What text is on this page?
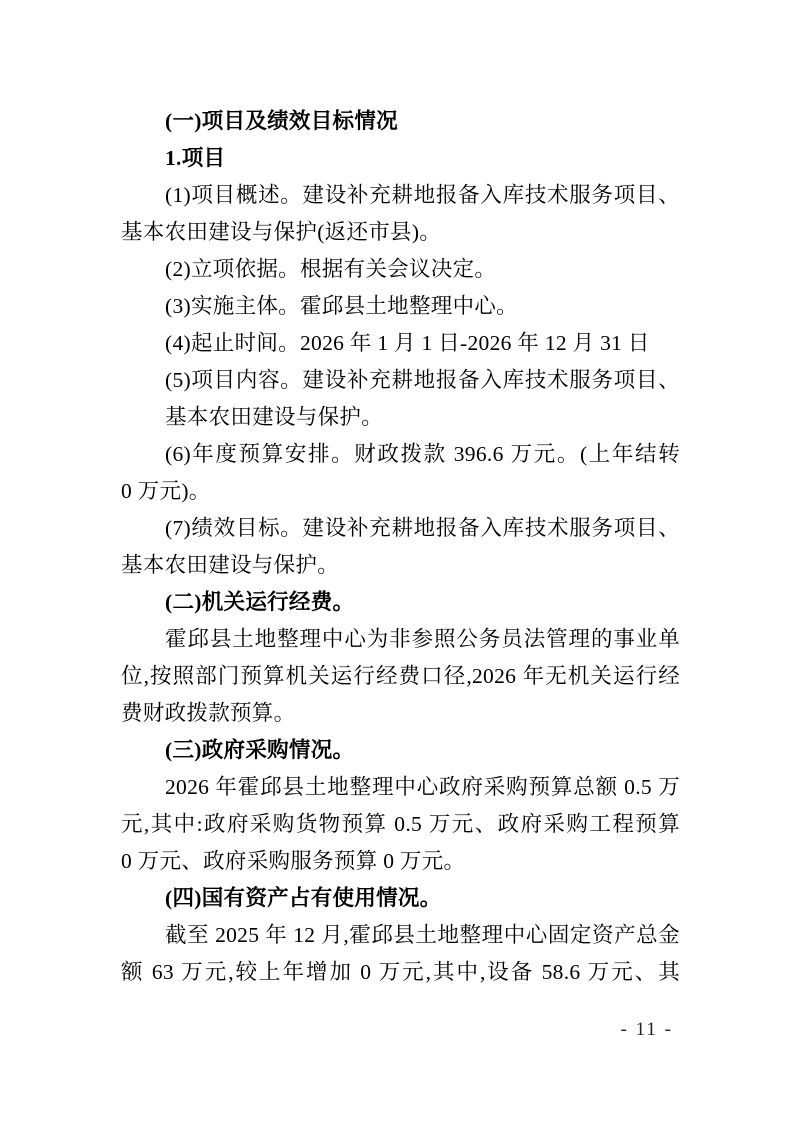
(一)项目及绩效目标情况
1.项目
(1)项目概述。建设补充耕地报备入库技术服务项目、
基本农田建设与保护(返还市县)。
(2)立项依据。根据有关会议决定。
(3)实施主体。霍邱县土地整理中心。
(4)起止时间。2026 年 1 月 1 日-2026 年 12 月 31 日
(5)项目内容。建设补充耕地报备入库技术服务项目、
基本农田建设与保护。
(6)年度预算安排。财政拨款 396.6 万元。(上年结转
0 万元)。
(7)绩效目标。建设补充耕地报备入库技术服务项目、
基本农田建设与保护。
(二)机关运行经费。
霍邱县土地整理中心为非参照公务员法管理的事业单
位,按照部门预算机关运行经费口径,2026 年无机关运行经
费财政拨款预算。
(三)政府采购情况。
2026 年霍邱县土地整理中心政府采购预算总额 0.5 万
元,其中:政府采购货物预算 0.5 万元、政府采购工程预算
0 万元、政府采购服务预算 0 万元。
(四)国有资产占有使用情况。
截至 2025 年 12 月,霍邱县土地整理中心固定资产总金
额 63 万元,较上年增加 0 万元,其中,设备 58.6 万元、其
- 11 -
